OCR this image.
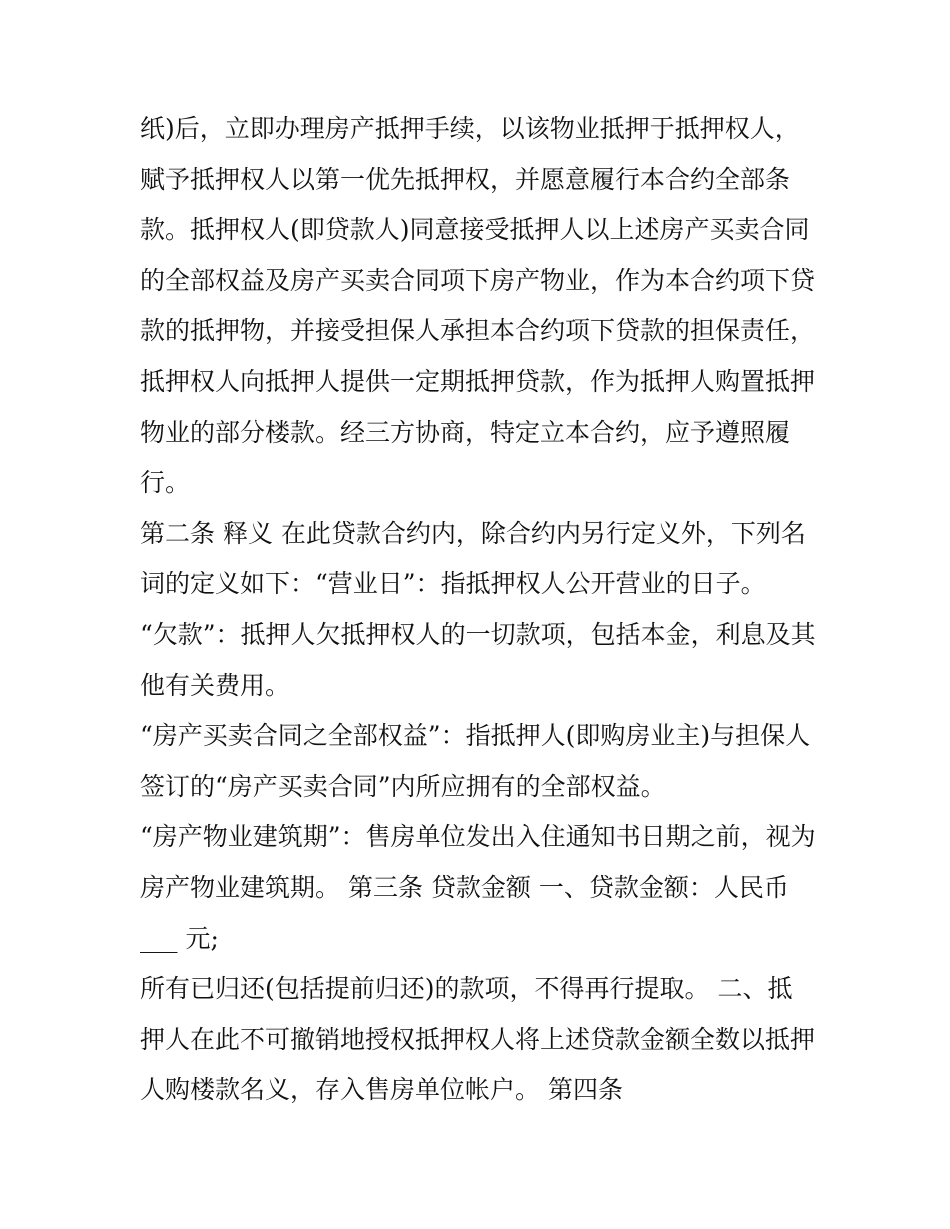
纸)后，立即办理房产抵押手续，以该物业抵押于抵押权人，
赋予抵押权人以第一优先抵押权，并愿意履行本合约全部条
款。抵押权人(即贷款人)同意接受抵押人以上述房产买卖合同
的全部权益及房产买卖合同项下房产物业，作为本合约项下贷
款的抵押物，并接受担保人承担本合约项下贷款的担保责任，
抵押权人向抵押人提供一定期抵押贷款，作为抵押人购置抵押
物业的部分楼款。经三方协商，特定立本合约，应予遵照履
行。
第二条 释义 在此贷款合约内，除合约内另行定义外，下列名
词的定义如下：“营业日”：指抵押权人公开营业的日子。
“欠款”：抵押人欠抵押权人的一切款项，包括本金，利息及其
他有关费用。
“房产买卖合同之全部权益”：指抵押人(即购房业主)与担保人
签订的“房产买卖合同”内所应拥有的全部权益。
“房产物业建筑期”：售房单位发出入住通知书日期之前，视为
房产物业建筑期。 第三条 贷款金额 一、贷款金额：人民币
___ 元;
所有已归还(包括提前归还)的款项，不得再行提取。 二、抵
押人在此不可撤销地授权抵押权人将上述贷款金额全数以抵押
人购楼款名义，存入售房单位帐户。 第四条
